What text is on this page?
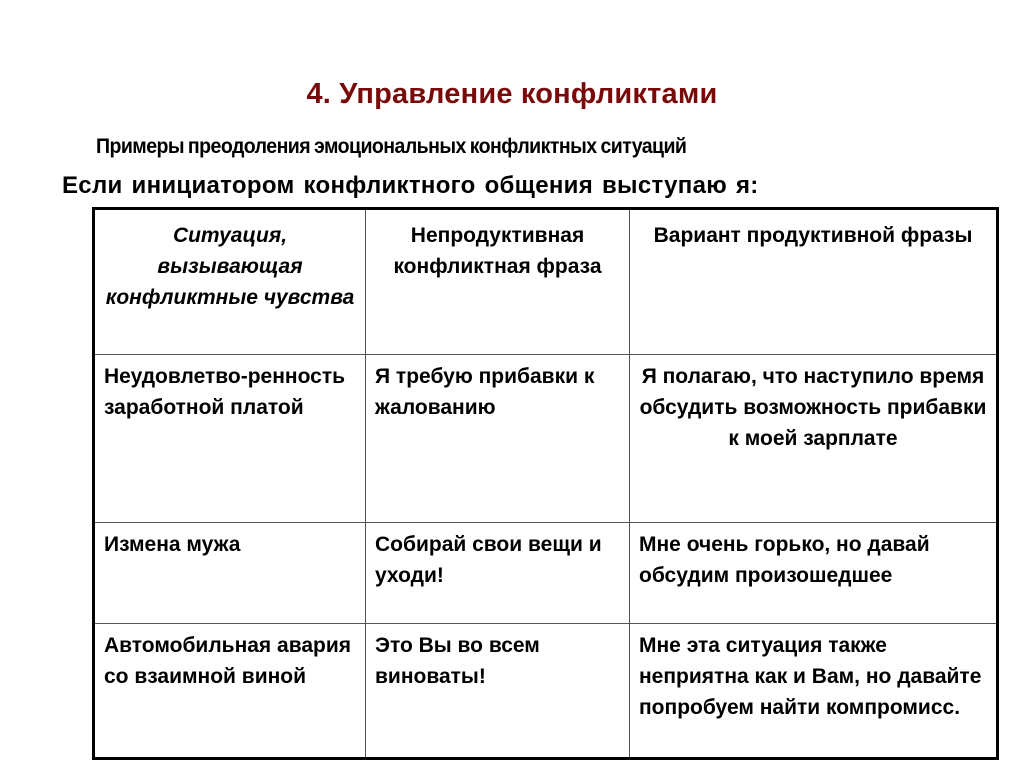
4. Управление конфликтами
Примеры преодоления эмоциональных конфликтных ситуаций
Если инициатором конфликтного общения выступаю я:
Ситуация, вызывающая конфликтные чувства	Непродуктивная конфликтная фраза	Вариант продуктивной фразы
Неудовлетво-ренность заработной платой	Я требую прибавки к жалованию	Я полагаю, что наступило время обсудить возможность прибавки к моей зарплате
Измена мужа	Собирай свои вещи и уходи!	Мне очень горько, но давай обсудим произошедшее
Автомобильная авария со взаимной виной	Это Вы во всем виноваты!	Мне эта ситуация также неприятна как и Вам, но давайте попробуем найти компромисс.
